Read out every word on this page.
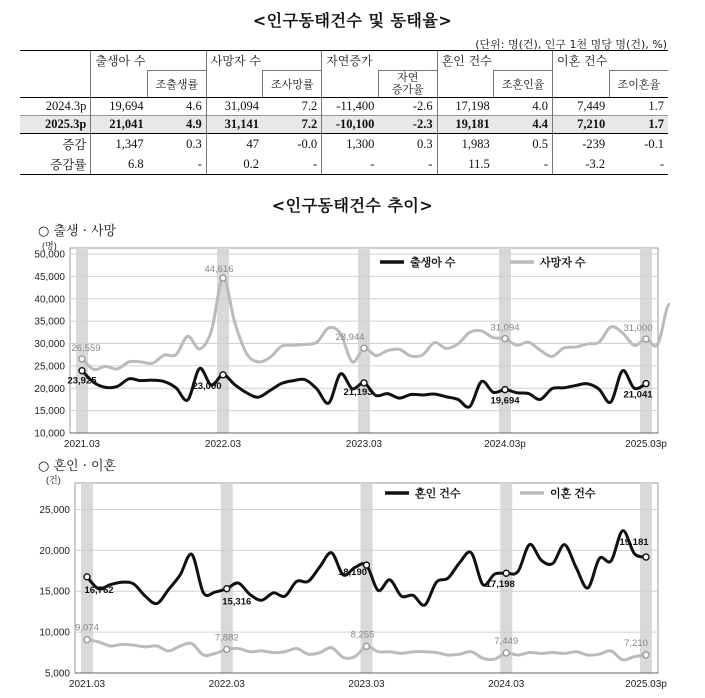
<인구동태건수 및 동태율>
(단위: 명(건), 인구 1천 명당 명(건), %)
	출생아 수		사망자 수		자연증가		혼인 건수		이혼 건수	
		조출생률		조사망률		자연
증가율		조혼인율		조이혼율
2024.3p	19,694	4.6	31,094	7.2	-11,400	-2.6	17,198	4.0	7,449	1.7
2025.3p	21,041	4.9	31,141	7.2	-10,100	-2.3	19,181	4.4	7,210	1.7
증감	1,347	0.3	47	-0.0	1,300	0.3	1,983	0.5	-239	-0.1
증감률	6.8	-	0.2	-	-	-	11.5	-	-3.2	-
<인구동태건수 추이>
○ 출생 · 사망
10,000
15,000
20,000
25,000
30,000
35,000
40,000
45,000
50,000
(명)
2021.03	2022.03	2023.03	2024.03p	2025.03p
23,925
26,559
23,000
44,616
21,193
28,944
19,694
31,094
21,041
31,000
출생아 수	사망자 수
○ 혼인 · 이혼
5,000
10,000
15,000
20,000
25,000
(건)
2021.03	2022.03	2023.03	2024.03	2025.03p
16,762
9,074
15,316
7,882
18,190
8,255
17,198
7,449
19,181
7,210
혼인 건수	이혼 건수
